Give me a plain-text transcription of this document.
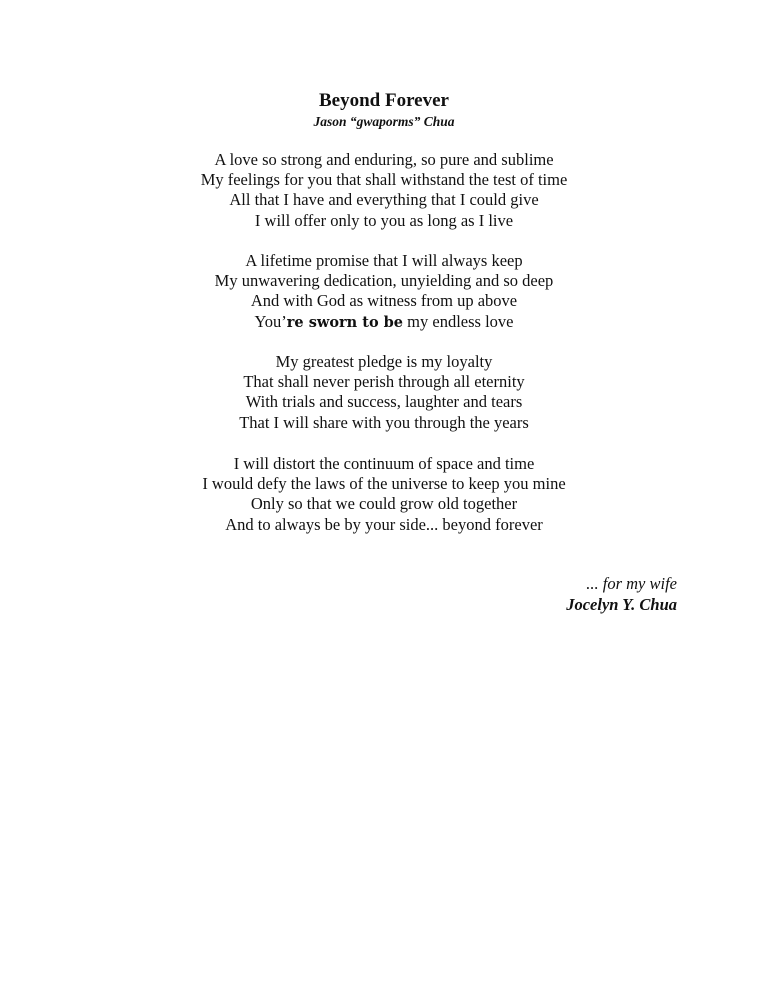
Beyond Forever
Jason “gwaporms” Chua
A love so strong and enduring, so pure and sublime
My feelings for you that shall withstand the test of time
All that I have and everything that I could give
I will offer only to you as long as I live
A lifetime promise that I will always keep
My unwavering dedication, unyielding and so deep
And with God as witness from up above
You’re sworn to be my endless love
My greatest pledge is my loyalty
That shall never perish through all eternity
With trials and success, laughter and tears
That I will share with you through the years
I will distort the continuum of space and time
I would defy the laws of the universe to keep you mine
Only so that we could grow old together
And to always be by your side... beyond forever
... for my wife
Jocelyn Y. Chua
